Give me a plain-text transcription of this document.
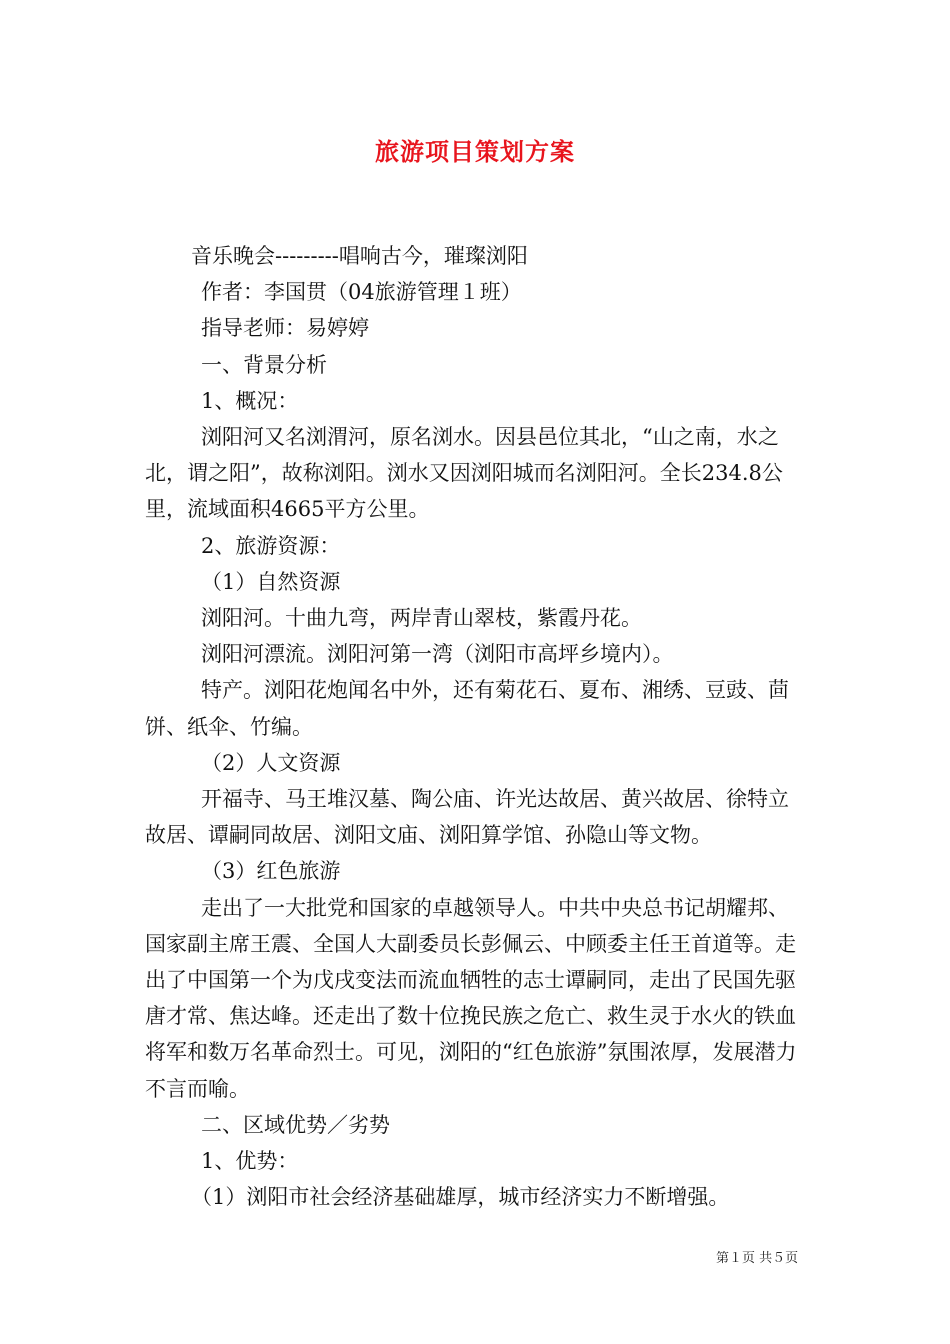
旅游项目策划方案

音乐晚会---------唱响古今，璀璨浏阳

作者：李国贯（04旅游管理１班）

指导老师：易婷婷

一、背景分析

1、概况：

浏阳河又名浏渭河，原名浏水。因县邑位其北，“山之南，水之北，谓之阳”，故称浏阳。浏水又因浏阳城而名浏阳河。全长234.8公里，流域面积4665平方公里。

2、旅游资源：

（1）自然资源

浏阳河。十曲九弯，两岸青山翠枝，紫霞丹花。

浏阳河漂流。浏阳河第一湾（浏阳市高坪乡境内）。

特产。浏阳花炮闻名中外，还有菊花石、夏布、湘绣、豆豉、茴饼、纸伞、竹编。

（2）人文资源

开福寺、马王堆汉墓、陶公庙、许光达故居、黄兴故居、徐特立故居、谭嗣同故居、浏阳文庙、浏阳算学馆、孙隐山等文物。

（3）红色旅游

走出了一大批党和国家的卓越领导人。中共中央总书记胡耀邦、国家副主席王震、全国人大副委员长彭佩云、中顾委主任王首道等。走出了中国第一个为戊戌变法而流血牺牲的志士谭嗣同，走出了民国先驱唐才常、焦达峰。还走出了数十位挽民族之危亡、救生灵于水火的铁血将军和数万名革命烈士。可见，浏阳的“红色旅游”氛围浓厚，发展潜力不言而喻。

二、区域优势／劣势

1、优势：

（1）浏阳市社会经济基础雄厚，城市经济实力不断增强。

第１页 共５页
